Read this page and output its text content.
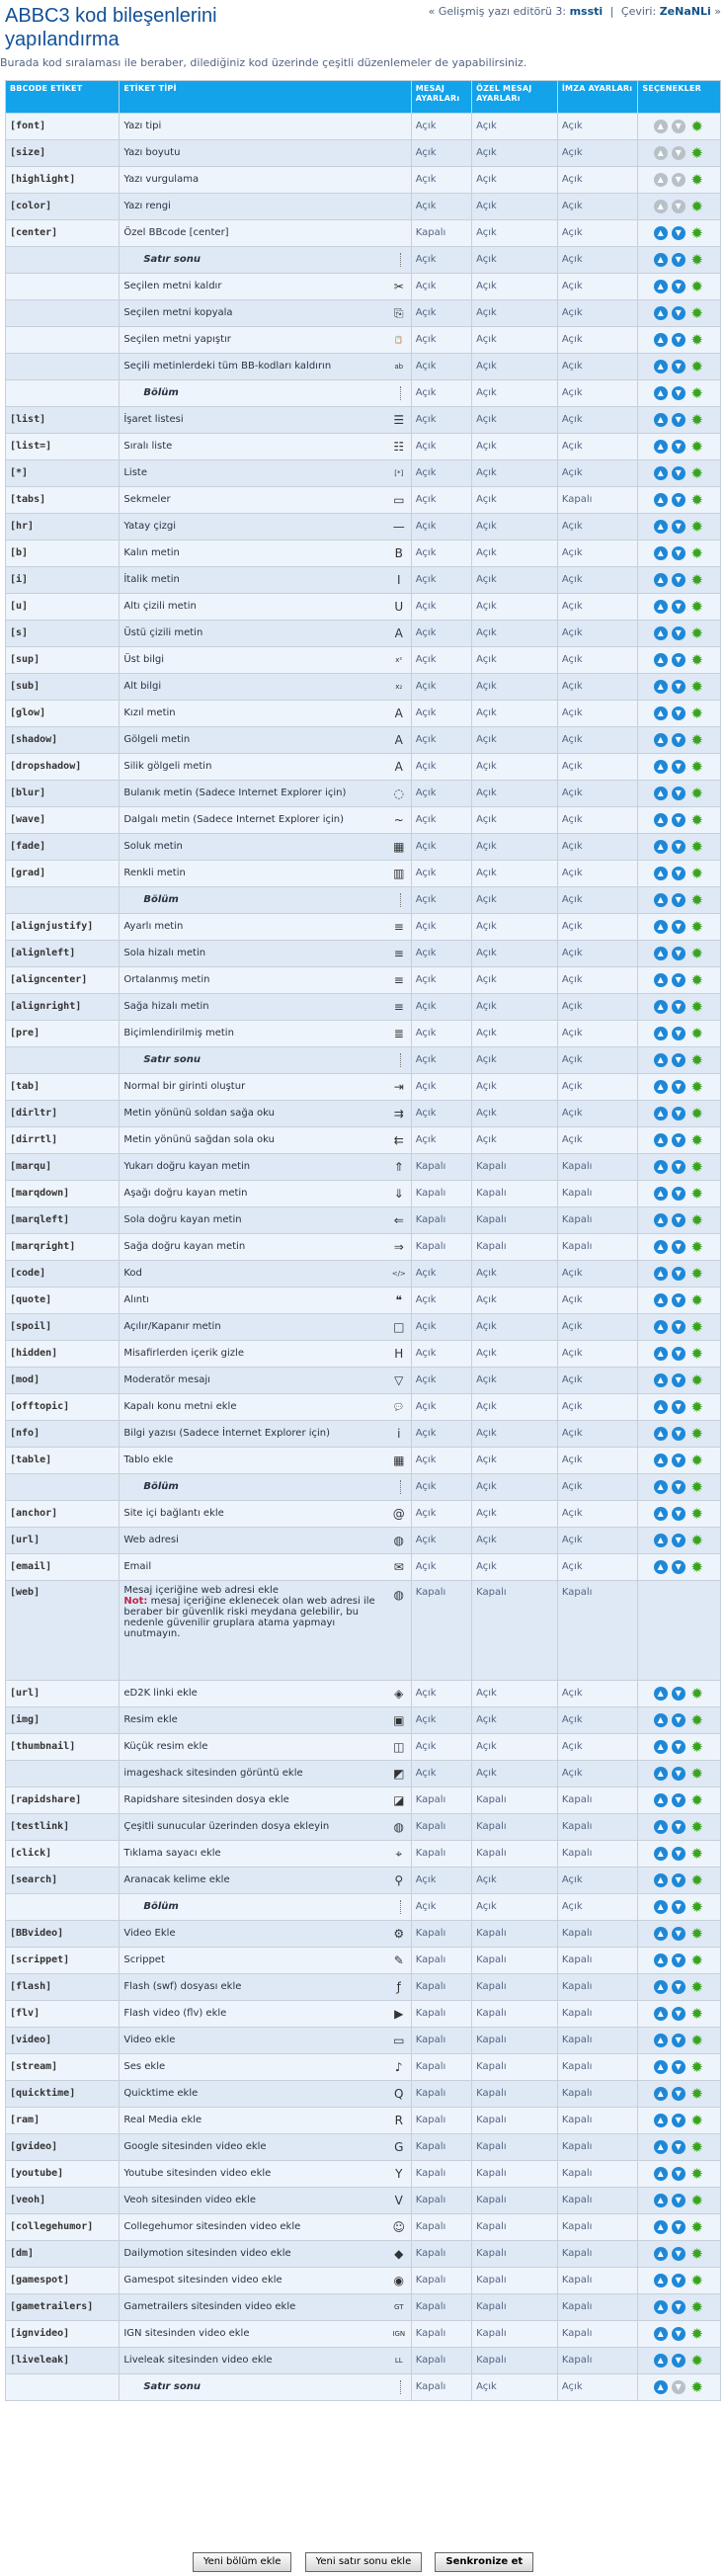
ABBC3 kod bileşenlerini yapılandırma
« Gelişmiş yazı editörü 3: mssti | Çeviri: ZeNaNLi »
Burada kod sıralaması ile beraber, dilediğiniz kod üzerinde çeşitli düzenlemeler de yapabilirsiniz.
BBCODE ETİKET	ETİKET TİPİ	MESAJ AYARLARı	ÖZEL MESAJ AYARLARı	İMZA AYARLARı	SEÇENEKLER
[font]	Yazı tipi	Açık	Açık	Açık	▲ ▼ ✹
[size]	Yazı boyutu	Açık	Açık	Açık	▲ ▼ ✹
[highlight]	Yazı vurgulama	Açık	Açık	Açık	▲ ▼ ✹
[color]	Yazı rengi	Açık	Açık	Açık	▲ ▼ ✹
[center]	Özel BBcode [center]	Kapalı	Açık	Açık	▲ ▼ ✹
	Satır sonu	Açık	Açık	Açık	▲ ▼ ✹
	Seçilen metni kaldır ✂	Açık	Açık	Açık	▲ ▼ ✹
	Seçilen metni kopyala ⎘	Açık	Açık	Açık	▲ ▼ ✹
	Seçilen metni yapıştır 📋	Açık	Açık	Açık	▲ ▼ ✹
	Seçili metinlerdeki tüm BB-kodları kaldırın ab	Açık	Açık	Açık	▲ ▼ ✹
	Bölüm	Açık	Açık	Açık	▲ ▼ ✹
[list]	İşaret listesi ☰	Açık	Açık	Açık	▲ ▼ ✹
[list=]	Sıralı liste ☷	Açık	Açık	Açık	▲ ▼ ✹
[*]	Liste [*]	Açık	Açık	Açık	▲ ▼ ✹
[tabs]	Sekmeler ▭	Açık	Açık	Kapalı	▲ ▼ ✹
[hr]	Yatay çizgi —	Açık	Açık	Açık	▲ ▼ ✹
[b]	Kalın metin B	Açık	Açık	Açık	▲ ▼ ✹
[i]	İtalik metin I	Açık	Açık	Açık	▲ ▼ ✹
[u]	Altı çizili metin U	Açık	Açık	Açık	▲ ▼ ✹
[s]	Üstü çizili metin A	Açık	Açık	Açık	▲ ▼ ✹
[sup]	Üst bilgi x²	Açık	Açık	Açık	▲ ▼ ✹
[sub]	Alt bilgi x₂	Açık	Açık	Açık	▲ ▼ ✹
[glow]	Kızıl metin A	Açık	Açık	Açık	▲ ▼ ✹
[shadow]	Gölgeli metin A	Açık	Açık	Açık	▲ ▼ ✹
[dropshadow]	Silik gölgeli metin A	Açık	Açık	Açık	▲ ▼ ✹
[blur]	Bulanık metin (Sadece Internet Explorer için) ◌	Açık	Açık	Açık	▲ ▼ ✹
[wave]	Dalgalı metin (Sadece Internet Explorer için) ~	Açık	Açık	Açık	▲ ▼ ✹
[fade]	Soluk metin ▦	Açık	Açık	Açık	▲ ▼ ✹
[grad]	Renkli metin ▥	Açık	Açık	Açık	▲ ▼ ✹
	Bölüm	Açık	Açık	Açık	▲ ▼ ✹
[alignjustify]	Ayarlı metin ≡	Açık	Açık	Açık	▲ ▼ ✹
[alignleft]	Sola hizalı metin ≡	Açık	Açık	Açık	▲ ▼ ✹
[aligncenter]	Ortalanmış metin ≡	Açık	Açık	Açık	▲ ▼ ✹
[alignright]	Sağa hizalı metin ≡	Açık	Açık	Açık	▲ ▼ ✹
[pre]	Biçimlendirilmiş metin ≣	Açık	Açık	Açık	▲ ▼ ✹
	Satır sonu	Açık	Açık	Açık	▲ ▼ ✹
[tab]	Normal bir girinti oluştur ⇥	Açık	Açık	Açık	▲ ▼ ✹
[dirltr]	Metin yönünü soldan sağa oku ⇉	Açık	Açık	Açık	▲ ▼ ✹
[dirrtl]	Metin yönünü sağdan sola oku ⇇	Açık	Açık	Açık	▲ ▼ ✹
[marqu]	Yukarı doğru kayan metin ⇑	Kapalı	Kapalı	Kapalı	▲ ▼ ✹
[marqdown]	Aşağı doğru kayan metin ⇓	Kapalı	Kapalı	Kapalı	▲ ▼ ✹
[marqleft]	Sola doğru kayan metin ⇐	Kapalı	Kapalı	Kapalı	▲ ▼ ✹
[marqright]	Sağa doğru kayan metin ⇒	Kapalı	Kapalı	Kapalı	▲ ▼ ✹
[code]	Kod </>	Açık	Açık	Açık	▲ ▼ ✹
[quote]	Alıntı ❝	Açık	Açık	Açık	▲ ▼ ✹
[spoil]	Açılır/Kapanır metin □	Açık	Açık	Açık	▲ ▼ ✹
[hidden]	Misafirlerden içerik gizle H	Açık	Açık	Açık	▲ ▼ ✹
[mod]	Moderatör mesajı ▽	Açık	Açık	Açık	▲ ▼ ✹
[offtopic]	Kapalı konu metni ekle 💬	Açık	Açık	Açık	▲ ▼ ✹
[nfo]	Bilgi yazısı (Sadece İnternet Explorer için) i	Açık	Açık	Açık	▲ ▼ ✹
[table]	Tablo ekle ▦	Açık	Açık	Açık	▲ ▼ ✹
	Bölüm	Açık	Açık	Açık	▲ ▼ ✹
[anchor]	Site içi bağlantı ekle @	Açık	Açık	Açık	▲ ▼ ✹
[url]	Web adresi ◍	Açık	Açık	Açık	▲ ▼ ✹
[email]	Email ✉	Açık	Açık	Açık	▲ ▼ ✹
[web]	Mesaj içeriğine web adresi ekle
Not: mesaj içeriğine eklenecek olan web adresi ile beraber bir güvenlik riski meydana gelebilir, bu nedenle güvenilir gruplara atama yapmayı unutmayın.
◍	Kapalı	Kapalı	Kapalı	
[url]	eD2K linki ekle ◈	Açık	Açık	Açık	▲ ▼ ✹
[img]	Resim ekle ▣	Açık	Açık	Açık	▲ ▼ ✹
[thumbnail]	Küçük resim ekle ◫	Açık	Açık	Açık	▲ ▼ ✹
	imageshack sitesinden görüntü ekle ◩	Açık	Açık	Açık	▲ ▼ ✹
[rapidshare]	Rapidshare sitesinden dosya ekle ◪	Kapalı	Kapalı	Kapalı	▲ ▼ ✹
[testlink]	Çeşitli sunucular üzerinden dosya ekleyin ◍	Kapalı	Kapalı	Kapalı	▲ ▼ ✹
[click]	Tıklama sayacı ekle ⌖	Kapalı	Kapalı	Kapalı	▲ ▼ ✹
[search]	Aranacak kelime ekle ⚲	Açık	Açık	Açık	▲ ▼ ✹
	Bölüm	Açık	Açık	Açık	▲ ▼ ✹
[BBvideo]	Video Ekle ⚙	Kapalı	Kapalı	Kapalı	▲ ▼ ✹
[scrippet]	Scrippet ✎	Kapalı	Kapalı	Kapalı	▲ ▼ ✹
[flash]	Flash (swf) dosyası ekle ƒ	Kapalı	Kapalı	Kapalı	▲ ▼ ✹
[flv]	Flash video (flv) ekle ▶	Kapalı	Kapalı	Kapalı	▲ ▼ ✹
[video]	Video ekle ▭	Kapalı	Kapalı	Kapalı	▲ ▼ ✹
[stream]	Ses ekle ♪	Kapalı	Kapalı	Kapalı	▲ ▼ ✹
[quicktime]	Quicktime ekle Q	Kapalı	Kapalı	Kapalı	▲ ▼ ✹
[ram]	Real Media ekle R	Kapalı	Kapalı	Kapalı	▲ ▼ ✹
[gvideo]	Google sitesinden video ekle G	Kapalı	Kapalı	Kapalı	▲ ▼ ✹
[youtube]	Youtube sitesinden video ekle Y	Kapalı	Kapalı	Kapalı	▲ ▼ ✹
[veoh]	Veoh sitesinden video ekle V	Kapalı	Kapalı	Kapalı	▲ ▼ ✹
[collegehumor]	Collegehumor sitesinden video ekle ☺	Kapalı	Kapalı	Kapalı	▲ ▼ ✹
[dm]	Dailymotion sitesinden video ekle ◆	Kapalı	Kapalı	Kapalı	▲ ▼ ✹
[gamespot]	Gamespot sitesinden video ekle ◉	Kapalı	Kapalı	Kapalı	▲ ▼ ✹
[gametrailers]	Gametrailers sitesinden video ekle GT	Kapalı	Kapalı	Kapalı	▲ ▼ ✹
[ignvideo]	IGN sitesinden video ekle IGN	Kapalı	Kapalı	Kapalı	▲ ▼ ✹
[liveleak]	Liveleak sitesinden video ekle LL	Kapalı	Kapalı	Kapalı	▲ ▼ ✹
	Satır sonu	Kapalı	Açık	Açık	▲ ▼ ✹
Yeni bölüm ekle	Yeni satır sonu ekle	Senkronize et
